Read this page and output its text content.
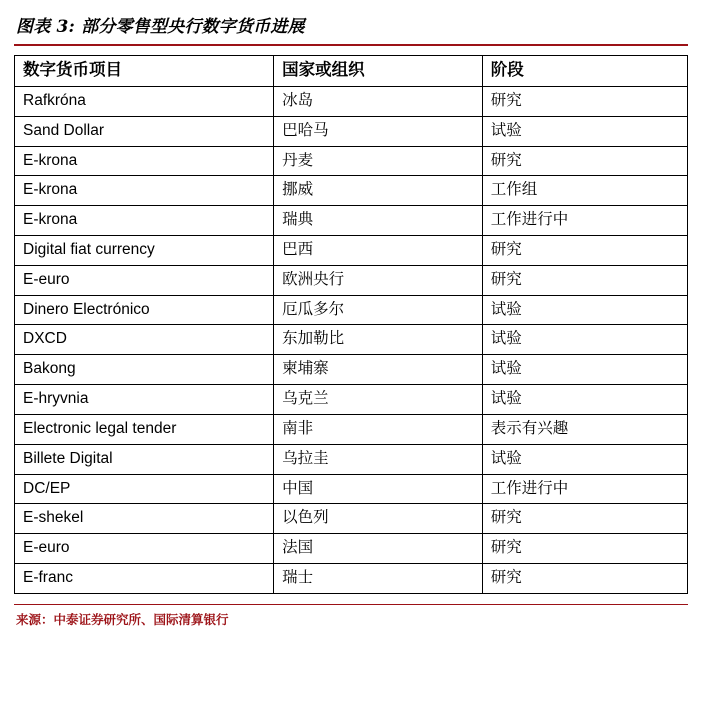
图表 3: 部分零售型央行数字货币进展
数字货币项目	国家或组织	阶段
Rafkróna	冰岛	研究
Sand Dollar	巴哈马	试验
E-krona	丹麦	研究
E-krona	挪威	工作组
E-krona	瑞典	工作进行中
Digital fiat currency	巴西	研究
E-euro	欧洲央行	研究
Dinero Electrónico	厄瓜多尔	试验
DXCD	东加勒比	试验
Bakong	柬埔寨	试验
E-hryvnia	乌克兰	试验
Electronic legal tender	南非	表示有兴趣
Billete Digital	乌拉圭	试验
DC/EP	中国	工作进行中
E-shekel	以色列	研究
E-euro	法国	研究
E-franc	瑞士	研究
来源：中泰证券研究所、国际清算银行
